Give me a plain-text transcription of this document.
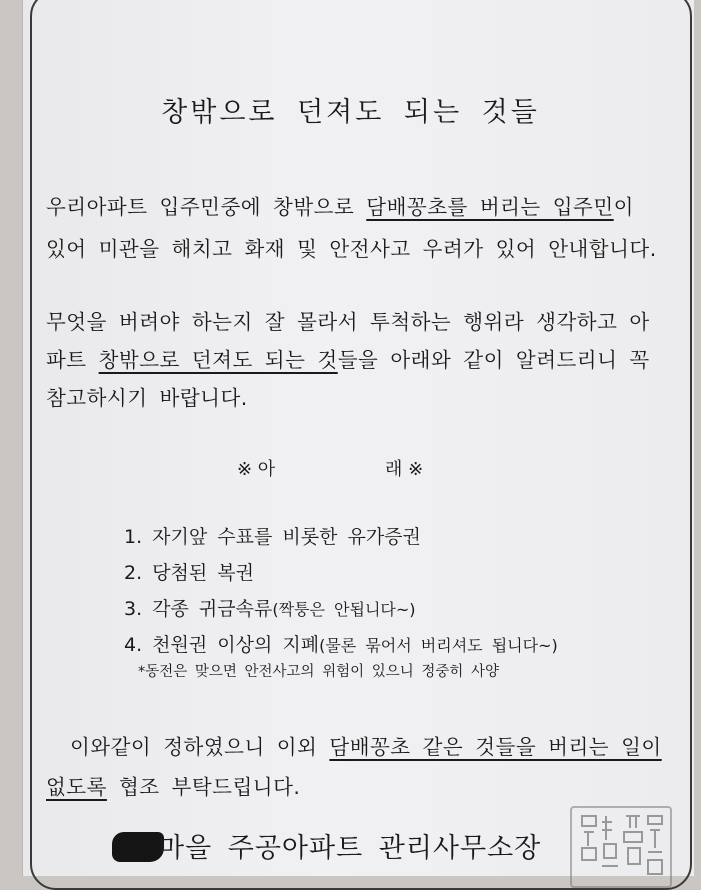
창밖으로 던져도 되는 것들
우리아파트 입주민중에 창밖으로 담배꽁초를 버리는 입주민이
있어 미관을 해치고 화재 및 안전사고 우려가 있어 안내합니다.
무엇을 버려야 하는지 잘 몰라서 투척하는 행위라 생각하고 아
파트 창밖으로 던져도 되는 것들을 아래와 같이 알려드리니 꼭
참고하시기 바랍니다.
※ 아	래 ※
1. 자기앞 수표를 비롯한 유가증권
2. 당첨된 복권
3. 각종 귀금속류(짝퉁은 안됩니다~)
4. 천원권 이상의 지폐(물론 묶어서 버리셔도 됩니다~)
*동전은 맞으면 안전사고의 위험이 있으니 정중히 사양
이와같이 정하였으니 이외 담배꽁초 같은 것들을 버리는 일이
없도록 협조 부탁드립니다.
마을 주공아파트 관리사무소장
